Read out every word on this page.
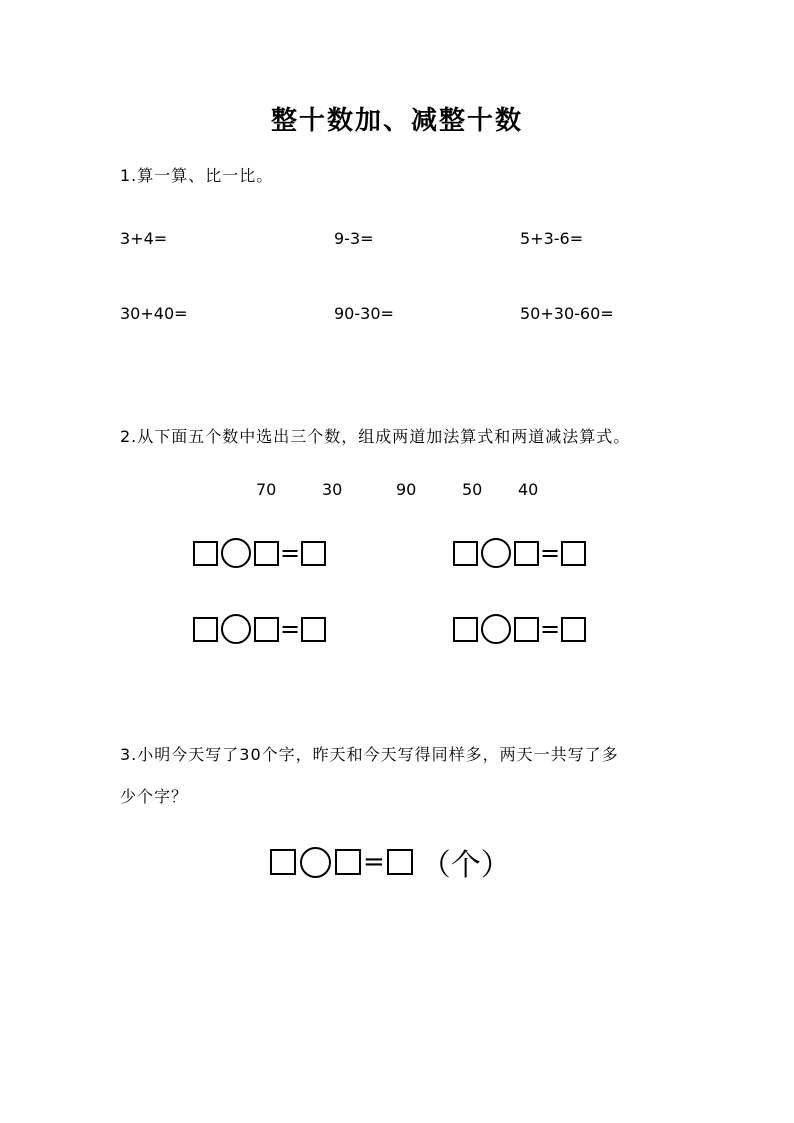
整十数加、减整十数
1.算一算、比一比。
3+4=	9-3=	5+3-6=
30+40=	90-30=	50+30-60=
2.从下面五个数中选出三个数，组成两道加法算式和两道减法算式。
70	30	90	50 40
=	=
=	=
3.小明今天写了30个字，昨天和今天写得同样多，两天一共写了多
少个字？
= （个）
